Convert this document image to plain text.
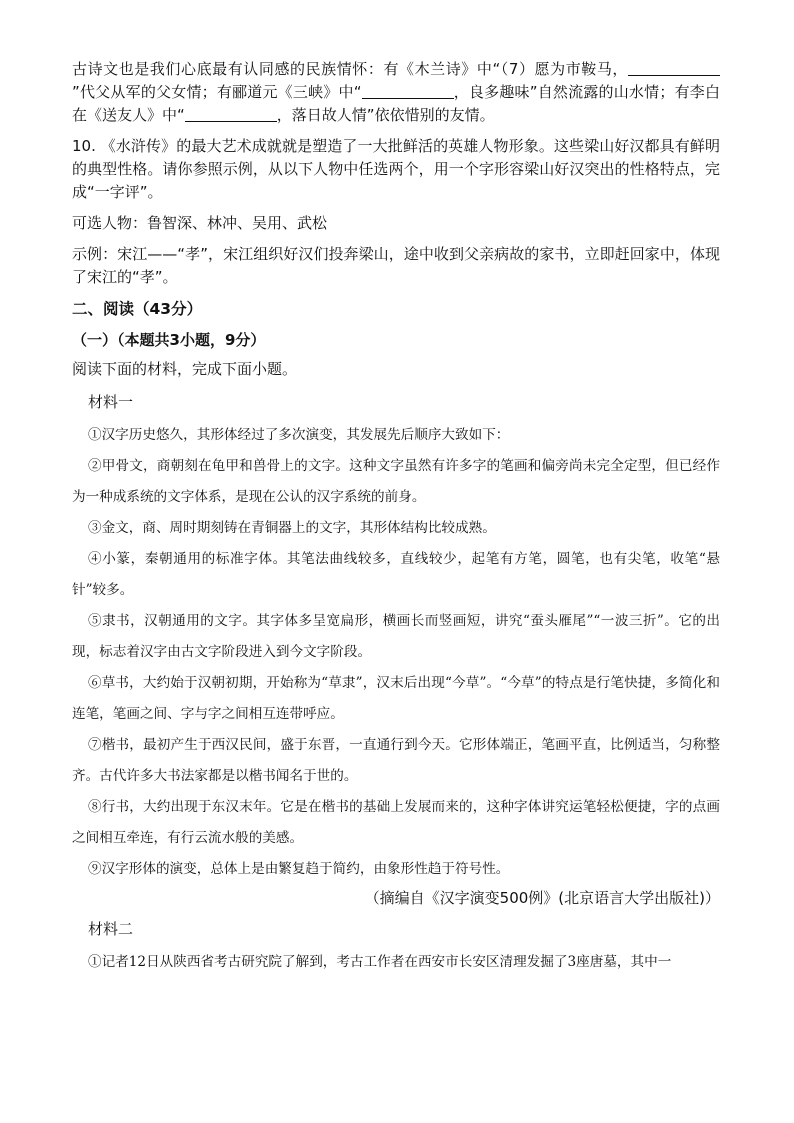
古诗文也是我们心底最有认同感的民族情怀：有《木兰诗》中“（7）愿为市鞍马，”代父从军的父女情；有郦道元《三峡》中“	，良多趣味”自然流露的山水情；有李白在《送友人》中“	，落日故人情”依依惜别的友情。

10. 《水浒传》的最大艺术成就就是塑造了一大批鲜活的英雄人物形象。这些梁山好汉都具有鲜明的典型性格。请你参照示例，从以下人物中任选两个，用一个字形容梁山好汉突出的性格特点，完成“一字评”。

可选人物：鲁智深、林冲、吴用、武松

示例：宋江——“孝”，宋江组织好汉们投奔梁山，途中收到父亲病故的家书，立即赶回家中，体现了宋江的“孝”。

二、阅读（43分）
（一）（本题共3小题，9分）

阅读下面的材料，完成下面小题。

材料一

①汉字历史悠久，其形体经过了多次演变，其发展先后顺序大致如下：

②甲骨文，商朝刻在龟甲和兽骨上的文字。这种文字虽然有许多字的笔画和偏旁尚未完全定型，但已经作为一种成系统的文字体系，是现在公认的汉字系统的前身。

③金文，商、周时期刻铸在青铜器上的文字，其形体结构比较成熟。

④小篆，秦朝通用的标准字体。其笔法曲线较多，直线较少，起笔有方笔，圆笔，也有尖笔，收笔“悬针”较多。

⑤隶书，汉朝通用的文字。其字体多呈宽扁形，横画长而竖画短，讲究“蚕头雁尾”“一波三折”。它的出现，标志着汉字由古文字阶段进入到今文字阶段。

⑥草书，大约始于汉朝初期，开始称为“草隶”，汉末后出现“今草”。“今草”的特点是行笔快捷，多简化和连笔，笔画之间、字与字之间相互连带呼应。

⑦楷书，最初产生于西汉民间，盛于东晋，一直通行到今天。它形体端正，笔画平直，比例适当，匀称整齐。古代许多大书法家都是以楷书闻名于世的。

⑧行书，大约出现于东汉末年。它是在楷书的基础上发展而来的，这种字体讲究运笔轻松便捷，字的点画之间相互牵连，有行云流水般的美感。

⑨汉字形体的演变，总体上是由繁复趋于简约，由象形性趋于符号性。

（摘编自《汉字演变500例》(北京语言大学出版社)）
材料二

①记者12日从陕西省考古研究院了解到，考古工作者在西安市长安区清理发掘了3座唐墓，其中一
